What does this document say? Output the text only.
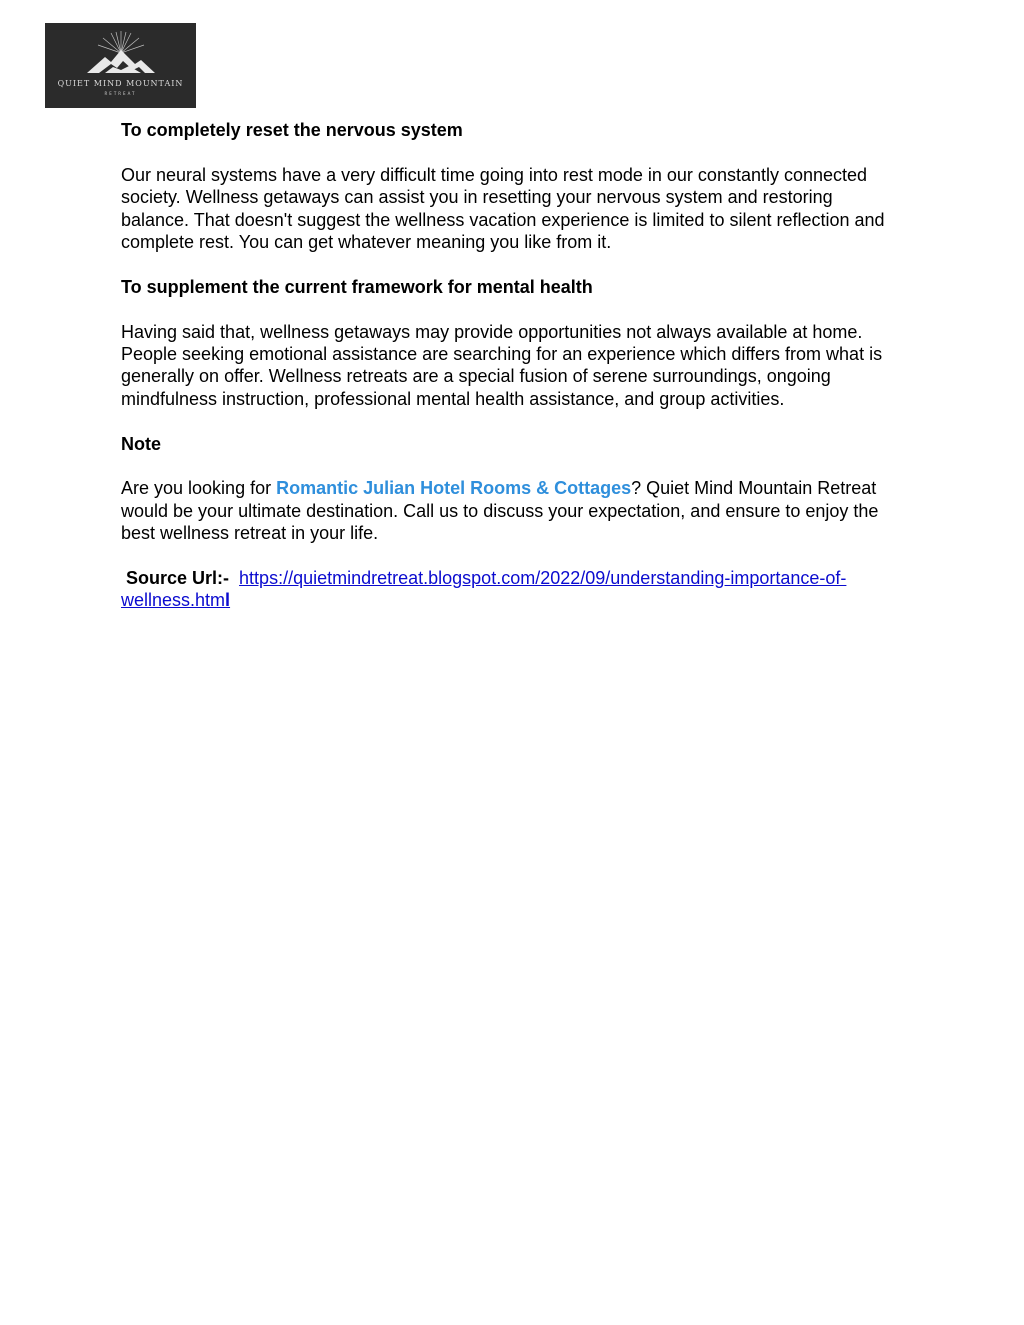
QUIET MIND MOUNTAIN
RETREAT

To completely reset the nervous system

Our neural systems have a very difficult time going into rest mode in our constantly connected society. Wellness getaways can assist you in resetting your nervous system and restoring balance. That doesn't suggest the wellness vacation experience is limited to silent reflection and complete rest. You can get whatever meaning you like from it.

To supplement the current framework for mental health

Having said that, wellness getaways may provide opportunities not always available at home. People seeking emotional assistance are searching for an experience which differs from what is generally on offer. Wellness retreats are a special fusion of serene surroundings, ongoing mindfulness instruction, professional mental health assistance, and group activities.

Note

Are you looking for Romantic Julian Hotel Rooms & Cottages? Quiet Mind Mountain Retreat would be your ultimate destination. Call us to discuss your expectation, and ensure to enjoy the best wellness retreat in your life.

Source Url:- https://quietmindretreat.blogspot.com/2022/09/understanding-importance-of-wellness.html
